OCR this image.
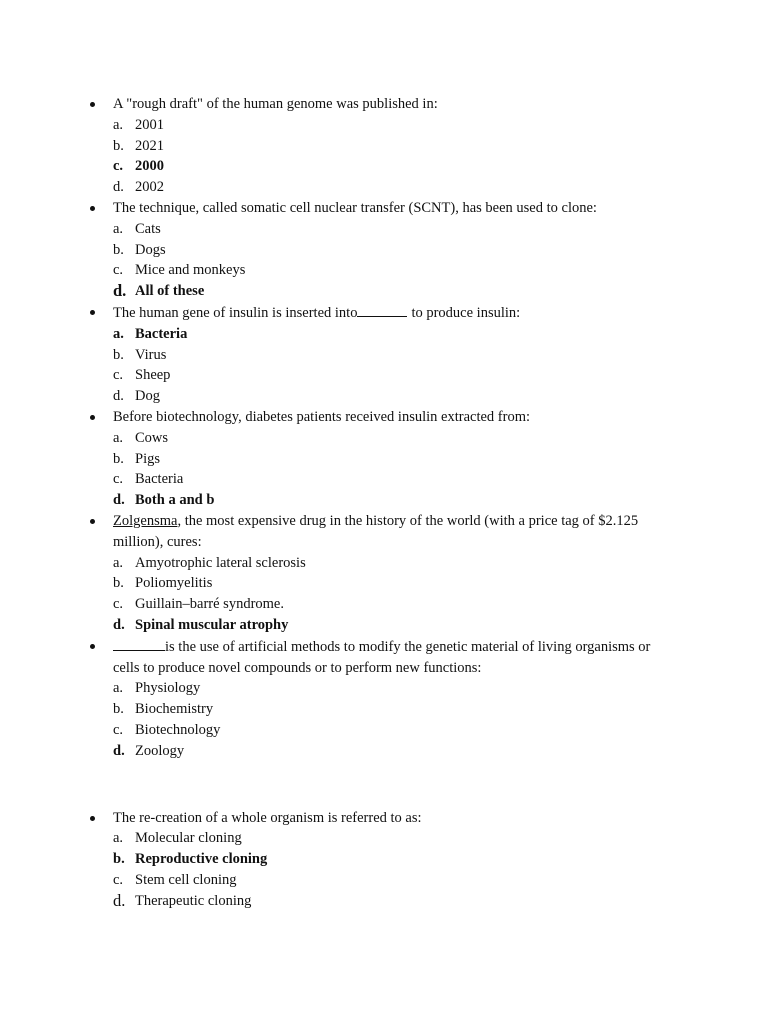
A "rough draft" of the human genome was published in:
a. 2001
b. 2021
c. 2000
d. 2002
The technique, called somatic cell nuclear transfer (SCNT), has been used to clone:
a. Cats
b. Dogs
c. Mice and monkeys
d. All of these
The human gene of insulin is inserted into	to produce insulin:
a. Bacteria
b. Virus
c. Sheep
d. Dog
Before biotechnology, diabetes patients received insulin extracted from:
a. Cows
b. Pigs
c. Bacteria
d. Both a and b
Zolgensma, the most expensive drug in the history of the world (with a price tag of $2.125
million), cures:
a. Amyotrophic lateral sclerosis
b. Poliomyelitis
c. Guillain–barré syndrome.
d. Spinal muscular atrophy
is the use of artificial methods to modify the genetic material of living organisms or
cells to produce novel compounds or to perform new functions:
a. Physiology
b. Biochemistry
c. Biotechnology
d. Zoology
The re-creation of a whole organism is referred to as:
a. Molecular cloning
b. Reproductive cloning
c. Stem cell cloning
d. Therapeutic cloning
